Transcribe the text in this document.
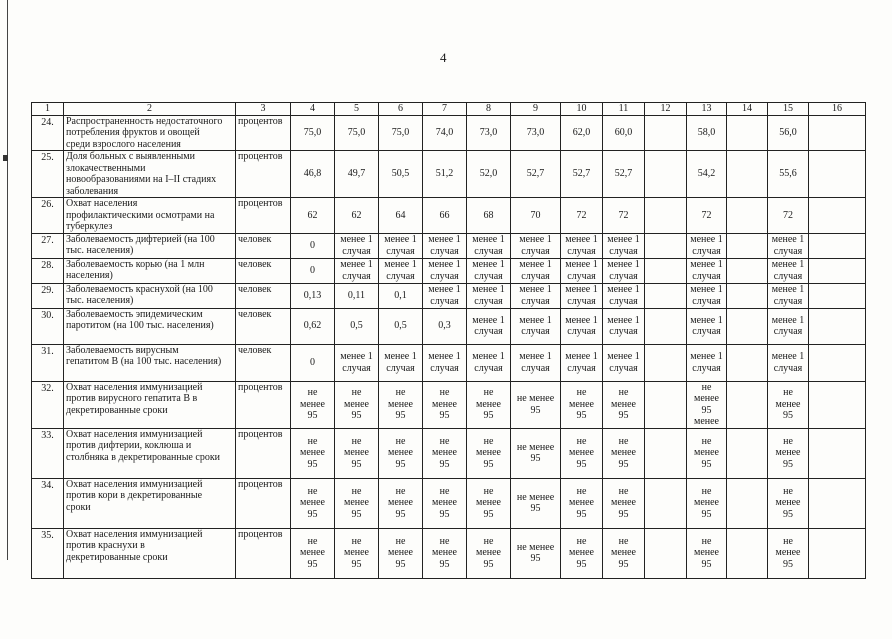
4
1	2	3	4	5	6	7	8	9	10	11	12	13	14	15	16
24.	Распространенность недостаточного
потребления фруктов и овощей
среди взрослого населения	процентов	75,0	75,0	75,0	74,0	73,0	73,0	62,0	60,0		58,0		56,0	

25.	Доля больных с выявленными
злокачественными
новообразованиями на I–II стадиях
заболевания	процентов	46,8	49,7	50,5	51,2	52,0	52,7	52,7	52,7		54,2		55,6	

26.	Охват населения
профилактическими осмотрами на
туберкулез	процентов	62	62	64	66	68	70	72	72		72		72	

27.	Заболеваемость дифтерией (на 100
тыс. населения)	человек	0	менее 1
случая	менее 1
случая	менее 1
случая	менее 1
случая	менее 1
случая	менее 1
случая	менее 1
случая		менее 1
случая		менее 1
случая	

28.	Заболеваемость корью (на 1 млн
населения)	человек	0	менее 1
случая	менее 1
случая	менее 1
случая	менее 1
случая	менее 1
случая	менее 1
случая	менее 1
случая		менее 1
случая		менее 1
случая	

29.	Заболеваемость краснухой (на 100
тыс. населения)	человек	0,13	0,11	0,1	менее 1
случая	менее 1
случая	менее 1
случая	менее 1
случая	менее 1
случая		менее 1
случая		менее 1
случая	

30.	Заболеваемость эпидемическим
паротитом (на 100 тыс. населения)	человек	0,62	0,5	0,5	0,3	менее 1
случая	менее 1
случая	менее 1
случая	менее 1
случая		менее 1
случая		менее 1
случая	

31.	Заболеваемость вирусным
гепатитом В (на 100 тыс. населения)	человек	0	менее 1
случая	менее 1
случая	менее 1
случая	менее 1
случая	менее 1
случая	менее 1
случая	менее 1
случая		менее 1
случая		менее 1
случая	

32.	Охват населения иммунизацией
против вирусного гепатита В в
декретированные сроки	процентов	не
менее
95	не
менее
95	не
менее
95	не
менее
95	не
менее
95	не менее
95	не
менее
95	не
менее
95		не
менее
95
менее		не
менее
95	

33.	Охват населения иммунизацией
против дифтерии, коклюша и
столбняка в декретированные сроки	процентов	не
менее
95	не
менее
95	не
менее
95	не
менее
95	не
менее
95	не менее
95	не
менее
95	не
менее
95		не
менее
95		не
менее
95	

34.	Охват населения иммунизацией
против кори в декретированные
сроки	процентов	не
менее
95	не
менее
95	не
менее
95	не
менее
95	не
менее
95	не менее
95	не
менее
95	не
менее
95		не
менее
95		не
менее
95	

35.	Охват населения иммунизацией
против краснухи в
декретированные сроки	процентов	не
менее
95	не
менее
95	не
менее
95	не
менее
95	не
менее
95	не менее
95	не
менее
95	не
менее
95		не
менее
95		не
менее
95	
